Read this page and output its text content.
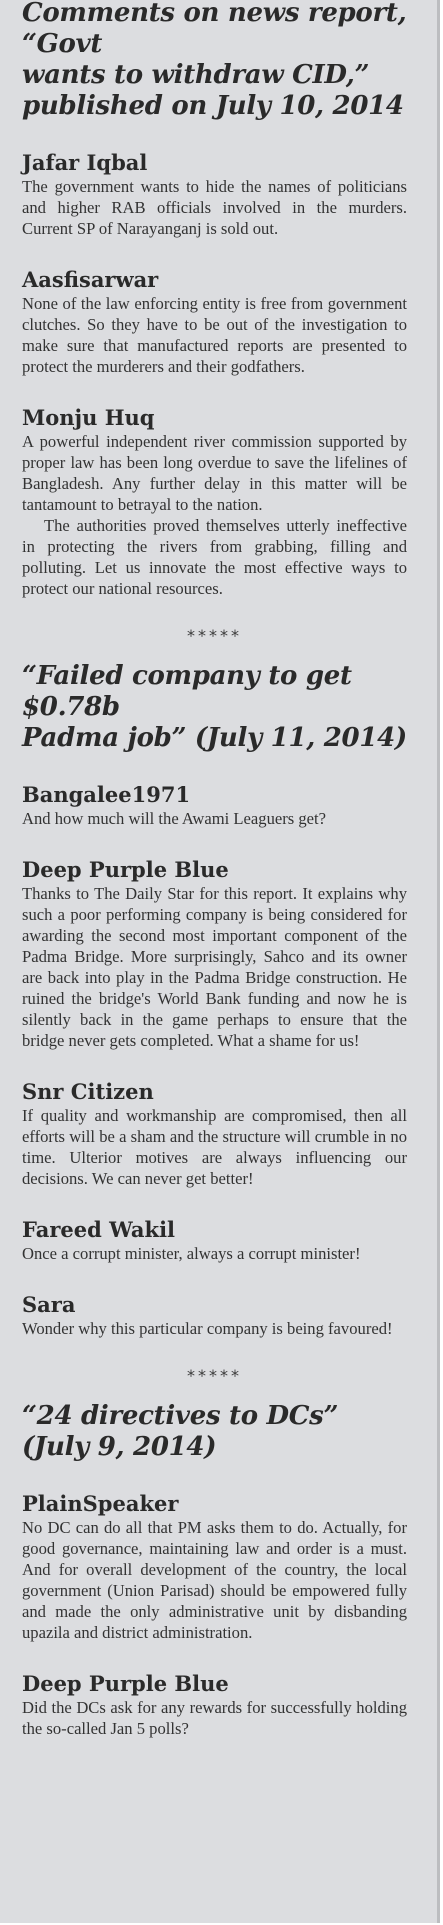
Comments on news report, “Govt
wants to withdraw CID,”
published on July 10, 2014
Jafar Iqbal

The government wants to hide the names of politicians and higher RAB officials involved in the murders. Current SP of Narayanganj is sold out.

Aasfisarwar

None of the law enforcing entity is free from government clutches. So they have to be out of the investigation to make sure that manufactured reports are presented to protect the murderers and their godfathers.

Monju Huq

A powerful independent river commission supported by proper law has been long overdue to save the lifelines of Bangladesh. Any further delay in this matter will be tantamount to betrayal to the nation.

The authorities proved themselves utterly ineffective in protecting the rivers from grabbing, filling and polluting. Let us innovate the most effective ways to protect our national resources.

*****
“Failed company to get $0.78b
Padma job” (July 11, 2014)
Bangalee1971

And how much will the Awami Leaguers get?

Deep Purple Blue

Thanks to The Daily Star for this report. It explains why such a poor performing company is being considered for awarding the second most important component of the Padma Bridge. More surprisingly, Sahco and its owner are back into play in the Padma Bridge construction. He ruined the bridge's World Bank funding and now he is silently back in the game perhaps to ensure that the bridge never gets completed. What a shame for us!

Snr Citizen

If quality and workmanship are compromised, then all efforts will be a sham and the structure will crumble in no time. Ulterior motives are always influencing our decisions. We can never get better!

Fareed Wakil

Once a corrupt minister, always a corrupt minister!

Sara

Wonder why this particular company is being favoured!

*****
“24 directives to DCs”
(July 9, 2014)
PlainSpeaker

No DC can do all that PM asks them to do. Actually, for good governance, maintaining law and order is a must. And for overall development of the country, the local government (Union Parisad) should be empowered fully and made the only administrative unit by disbanding upazila and district administration.

Deep Purple Blue

Did the DCs ask for any rewards for successfully holding the so-called Jan 5 polls?
